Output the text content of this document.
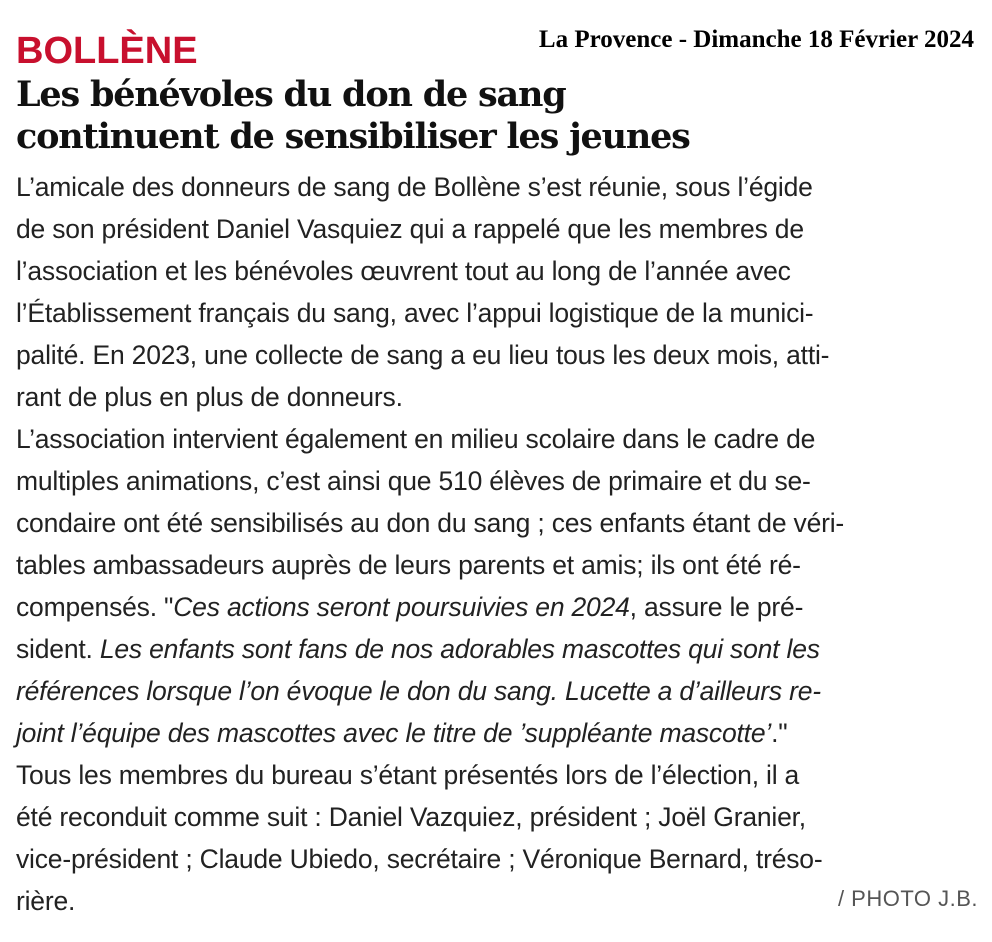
La Provence - Dimanche 18 Février 2024
BOLLÈNE
Les bénévoles du don de sang
continuent de sensibiliser les jeunes
L’amicale des donneurs de sang de Bollène s’est réunie, sous l’égide
de son président Daniel Vasquiez qui a rappelé que les membres de
l’association et les bénévoles œuvrent tout au long de l’année avec
l’Établissement français du sang, avec l’appui logistique de la munici-
palité. En 2023, une collecte de sang a eu lieu tous les deux mois, atti-
rant de plus en plus de donneurs.
L’association intervient également en milieu scolaire dans le cadre de
multiples animations, c’est ainsi que 510 élèves de primaire et du se-
condaire ont été sensibilisés au don du sang ; ces enfants étant de véri-
tables ambassadeurs auprès de leurs parents et amis; ils ont été ré-
compensés. "Ces actions seront poursuivies en 2024, assure le pré-
sident. Les enfants sont fans de nos adorables mascottes qui sont les
références lorsque l’on évoque le don du sang. Lucette a d’ailleurs re-
joint l’équipe des mascottes avec le titre de ’suppléante mascotte’."
Tous les membres du bureau s’étant présentés lors de l’élection, il a
été reconduit comme suit : Daniel Vazquiez, président ; Joël Granier,
vice-président ; Claude Ubiedo, secrétaire ; Véronique Bernard, tréso-
rière.	/ PHOTO J.B.
